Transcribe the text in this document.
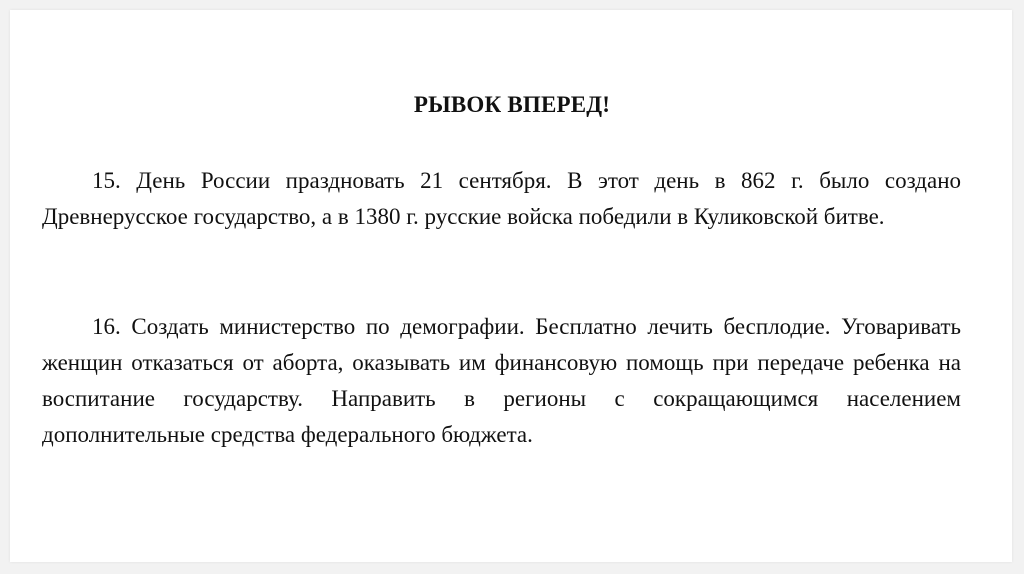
РЫВОК ВПЕРЕД!

15. День России праздновать 21 сентября. В этот день в 862 г. было создано Древнерусское государство, а в 1380 г. русские войска победили в Куликовской битве.

16. Создать министерство по демографии. Бесплатно лечить бесплодие. Уговаривать женщин отказаться от аборта, оказывать им финансовую помощь при передаче ребенка на воспитание государству. Направить в регионы с сокращающимся населением дополнительные средства федерального бюджета.
